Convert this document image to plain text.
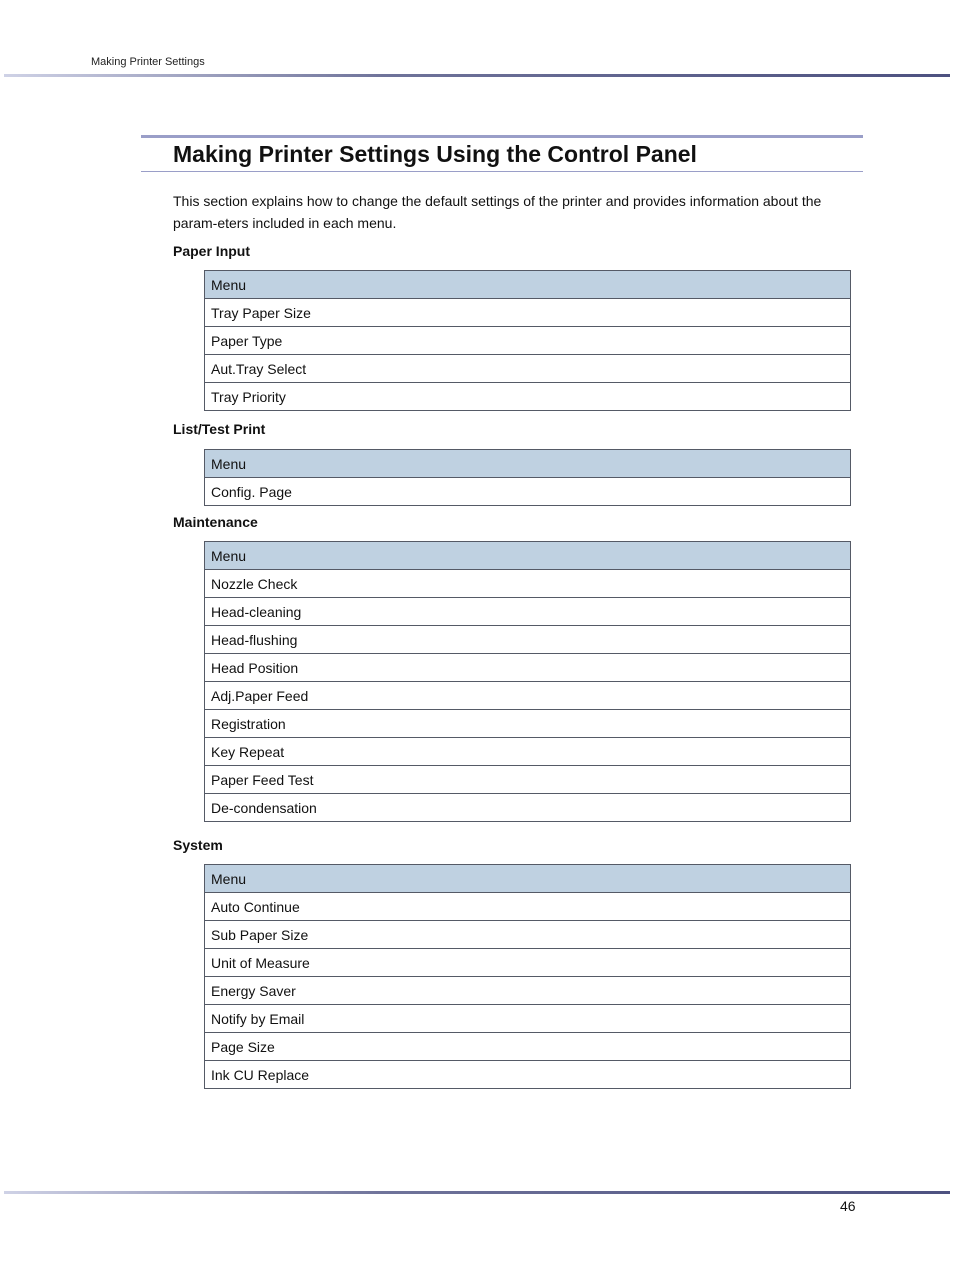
Making Printer Settings
Making Printer Settings Using the Control Panel

This section explains how to change the default settings of the printer and provides information about the param-eters included in each menu.

Paper Input
Menu
Tray Paper Size
Paper Type
Aut.Tray Select
Tray Priority
List/Test Print
Menu
Config. Page
Maintenance
Menu
Nozzle Check
Head-cleaning
Head-flushing
Head Position
Adj.Paper Feed
Registration
Key Repeat
Paper Feed Test
De-condensation
System
Menu
Auto Continue
Sub Paper Size
Unit of Measure
Energy Saver
Notify by Email
Page Size
Ink CU Replace
46
